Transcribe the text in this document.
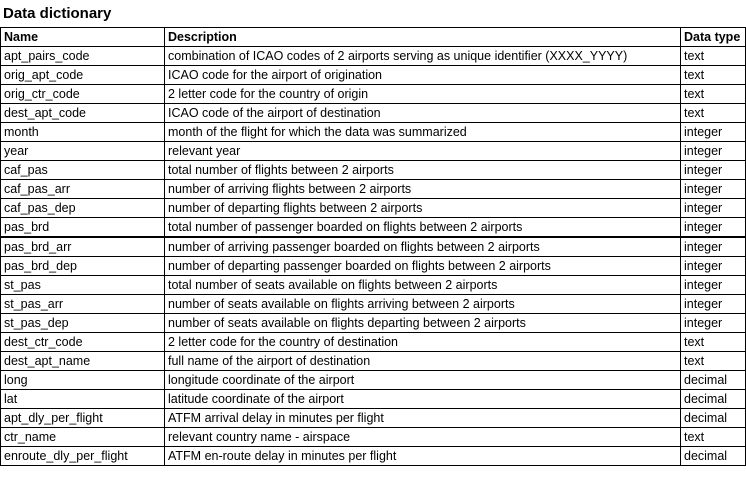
Data dictionary
Name	Description	Data type
apt_pairs_code	combination of ICAO codes of 2 airports serving as unique identifier (XXXX_YYYY)	text
orig_apt_code	ICAO code for the airport of origination	text
orig_ctr_code	2 letter code for the country of origin	text
dest_apt_code	ICAO code of the airport of destination	text
month	month of the flight for which the data was summarized	integer
year	relevant year	integer
caf_pas	total number of flights between 2 airports	integer
caf_pas_arr	number of arriving flights between 2 airports	integer
caf_pas_dep	number of departing flights between 2 airports	integer
pas_brd	total number of passenger boarded on flights between 2 airports	integer
pas_brd_arr	number of arriving passenger boarded on flights between 2 airports	integer
pas_brd_dep	number of departing passenger boarded on flights between 2 airports	integer
st_pas	total number of seats available on flights between 2 airports	integer
st_pas_arr	number of seats available on flights arriving between 2 airports	integer
st_pas_dep	number of seats available on flights departing between 2 airports	integer
dest_ctr_code	2 letter code for the country of destination	text
dest_apt_name	full name of the airport of destination	text
long	longitude coordinate of the airport	decimal
lat	latitude coordinate of the airport	decimal
apt_dly_per_flight	ATFM arrival delay in minutes per flight	decimal
ctr_name	relevant country name - airspace	text
enroute_dly_per_flight	ATFM en-route delay in minutes per flight	decimal
